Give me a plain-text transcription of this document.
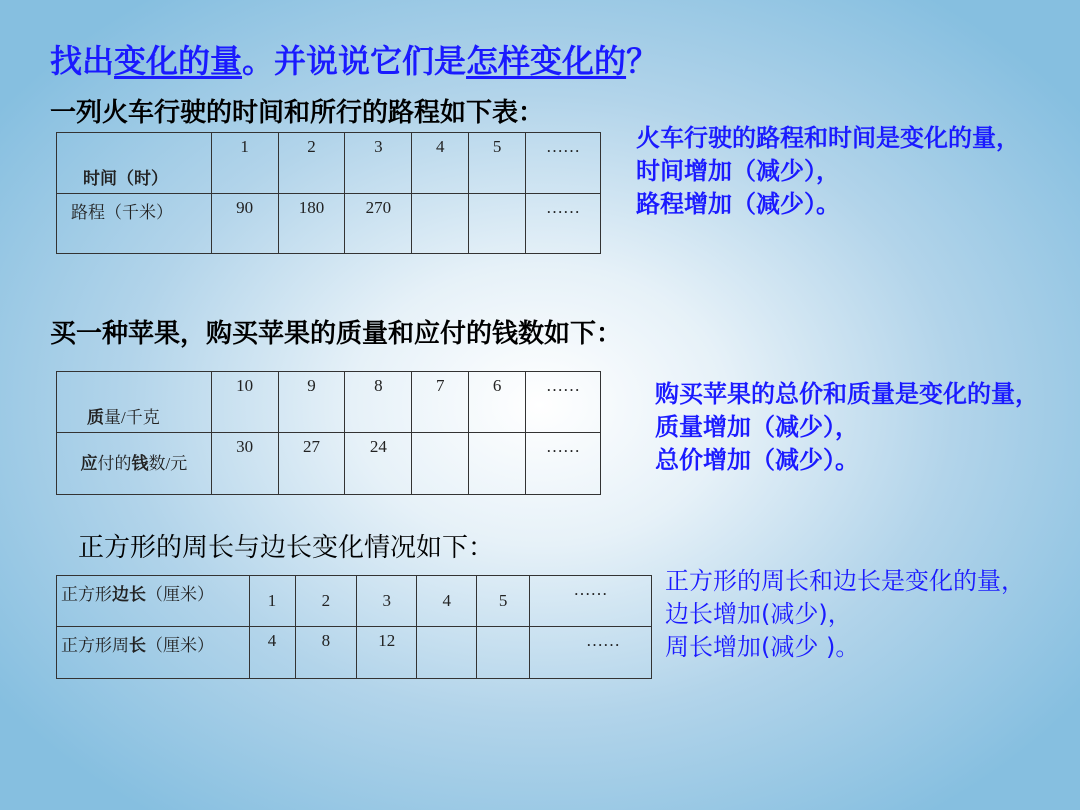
找出变化的量。并说说它们是怎样变化的？

一列火车行驶的时间和所行的路程如下表：

时间（时）	1	2	3	4	5	……
路程（千米）	90	180	270			……
火车行驶的路程和时间是变化的量，
时间增加（减少），
路程增加（减少）。

买一种苹果，购买苹果的质量和应付的钱数如下：

质量/千克	10	9	8	7	6	……
应付的钱数/元	30	27	24			……
购买苹果的总价和质量是变化的量，
质量增加（减少），
总价增加（减少）。

正方形的周长与边长变化情况如下：

正方形边长（厘米）	1	2	3	4	5	……
正方形周长（厘米）	4	8	12			……
正方形的周长和边长是变化的量，
边长增加(减少)，
周长增加(减少 )。
